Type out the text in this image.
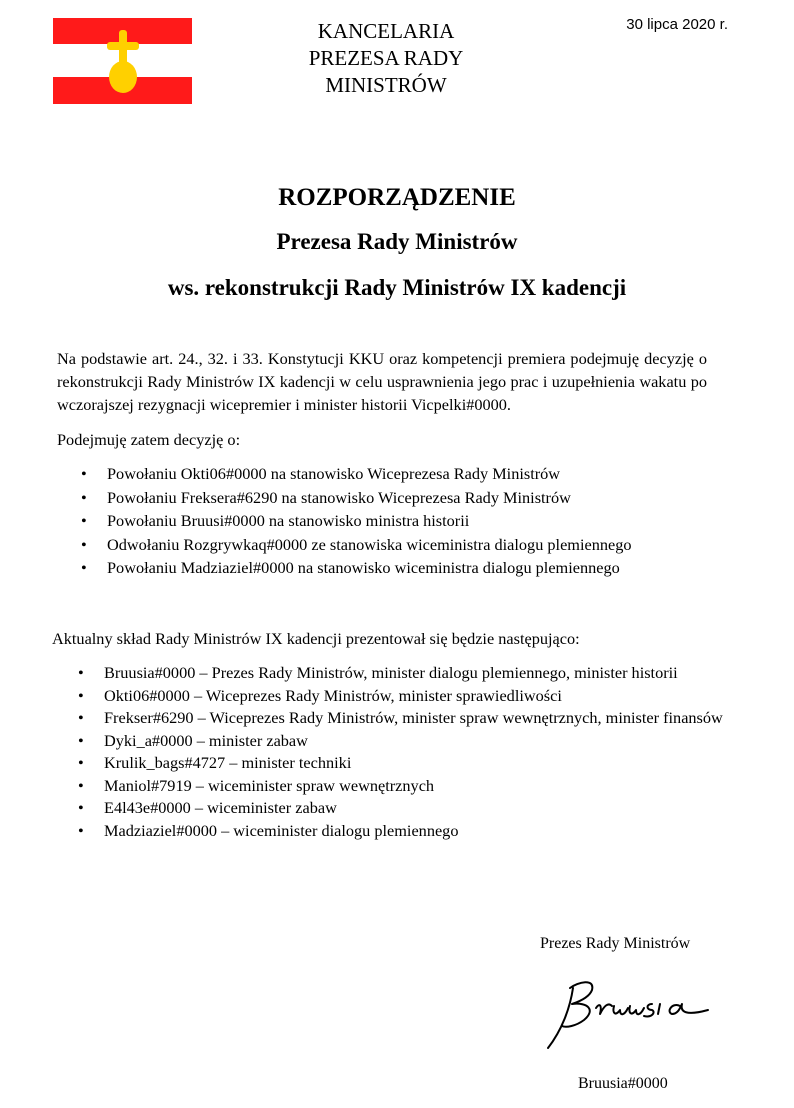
KANCELARIA
PREZESA RADY
MINISTRÓW
30 lipca 2020 r.
ROZPORZĄDZENIE
Prezesa Rady Ministrów
ws. rekonstrukcji Rady Ministrów IX kadencji
Na podstawie art. 24., 32. i 33. Konstytucji KKU oraz kompetencji premiera podejmuję decyzję o rekonstrukcji Rady Ministrów IX kadencji w celu usprawnienia jego prac i uzupełnienia wakatu po wczorajszej rezygnacji wicepremier i minister historii Vicpelki#0000.
Podejmuję zatem decyzję o:
• Powołaniu Okti06#0000 na stanowisko Wiceprezesa Rady Ministrów
• Powołaniu Freksera#6290 na stanowisko Wiceprezesa Rady Ministrów
• Powołaniu Bruusi#0000 na stanowisko ministra historii
• Odwołaniu Rozgrywkaq#0000 ze stanowiska wiceministra dialogu plemiennego
• Powołaniu Madziaziel#0000 na stanowisko wiceministra dialogu plemiennego
Aktualny skład Rady Ministrów IX kadencji prezentował się będzie następująco:
• Bruusia#0000 – Prezes Rady Ministrów, minister dialogu plemiennego, minister historii
• Okti06#0000 – Wiceprezes Rady Ministrów, minister sprawiedliwości
• Frekser#6290 – Wiceprezes Rady Ministrów, minister spraw wewnętrznych, minister finansów
• Dyki_a#0000 – minister zabaw
• Krulik_bags#4727 – minister techniki
• Maniol#7919 – wiceminister spraw wewnętrznych
• E4l43e#0000 – wiceminister zabaw
• Madziaziel#0000 – wiceminister dialogu plemiennego
Prezes Rady Ministrów
Bruusia#0000
